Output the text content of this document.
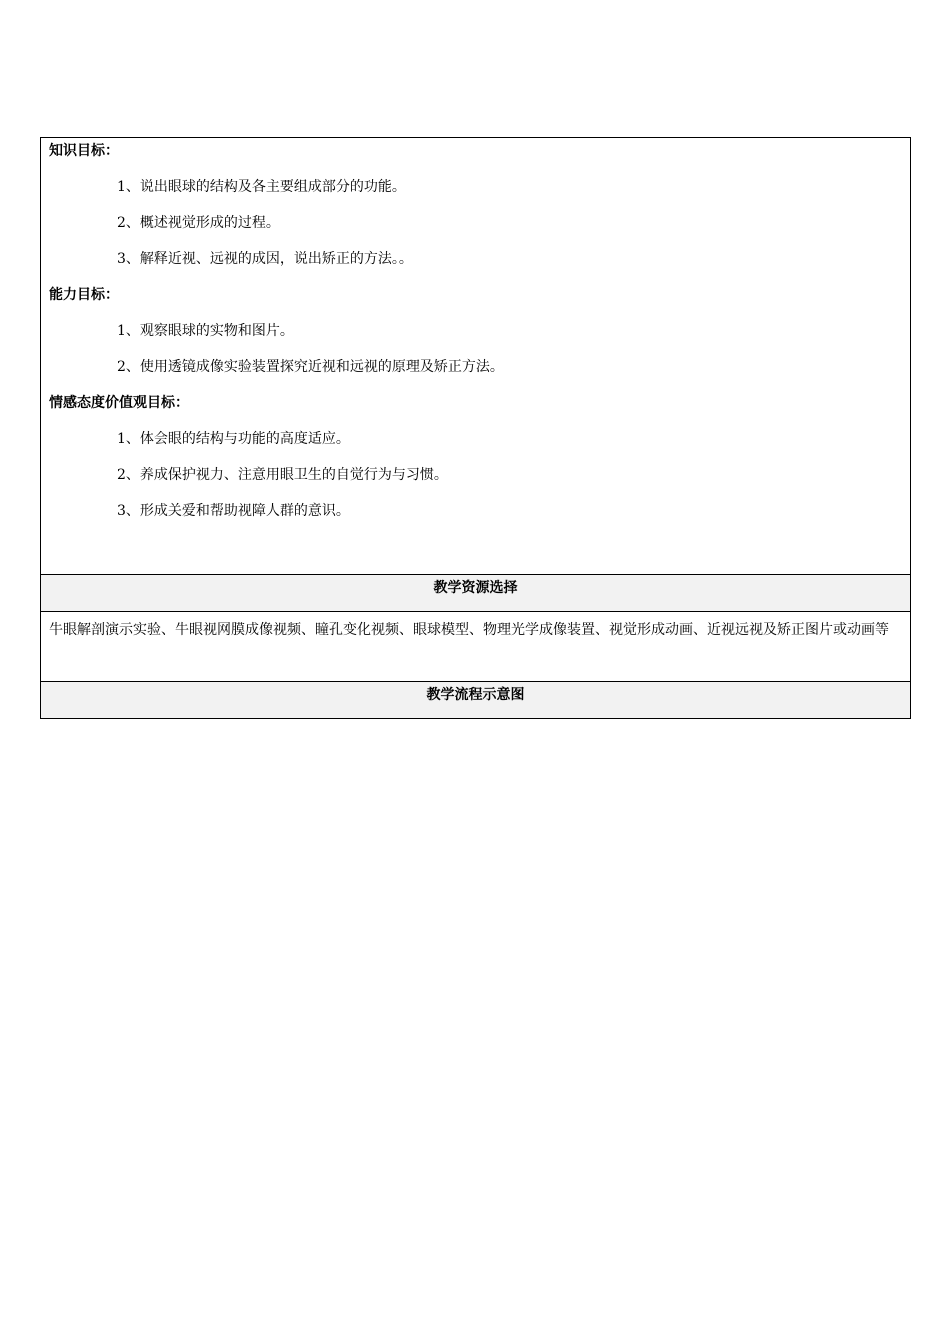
知识目标：
1、说出眼球的结构及各主要组成部分的功能。
2、概述视觉形成的过程。
3、解释近视、远视的成因，说出矫正的方法。。
能力目标：
1、观察眼球的实物和图片。
2、使用透镜成像实验装置探究近视和远视的原理及矫正方法。
情感态度价值观目标：
1、体会眼的结构与功能的高度适应。
2、养成保护视力、注意用眼卫生的自觉行为与习惯。
3、形成关爱和帮助视障人群的意识。

教学资源选择

牛眼解剖演示实验、牛眼视网膜成像视频、瞳孔变化视频、眼球模型、物理光学成像装置、视觉形成动画、近视远视及矫正图片或动画等

教学流程示意图
